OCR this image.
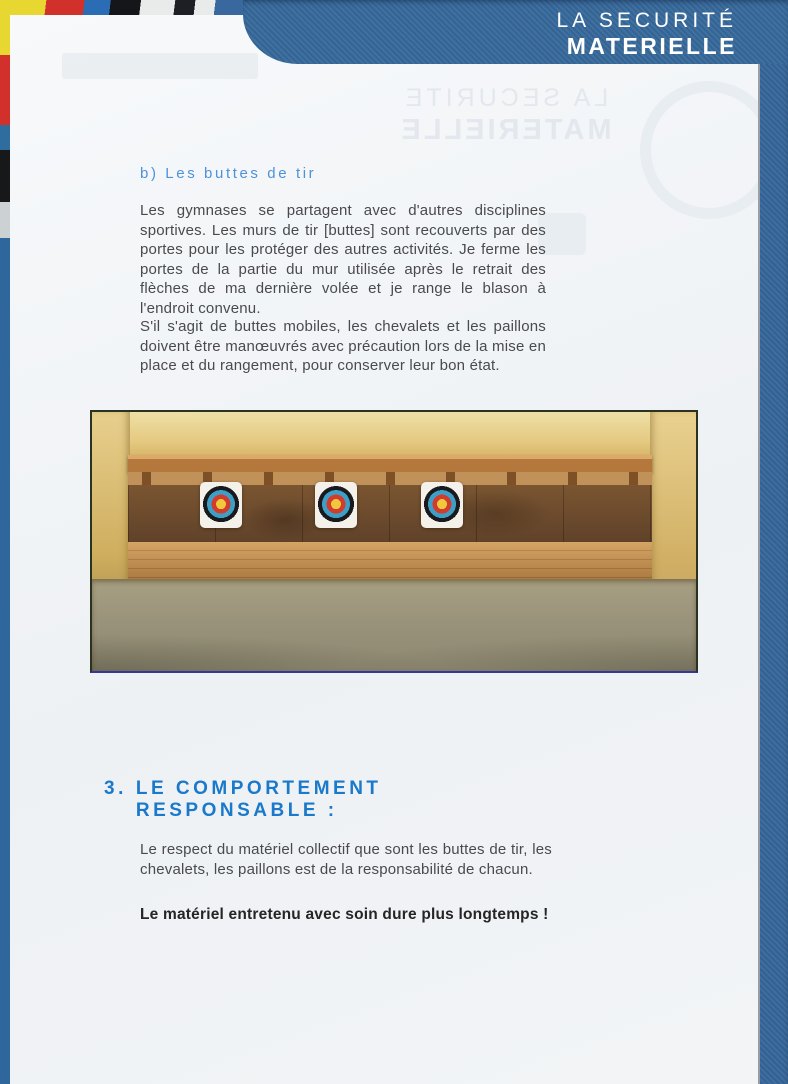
LA SECURITE
MATERIELLE
b) Les buttes de tir
Les gymnases se partagent avec d'autres disciplines sportives. Les murs de tir [buttes] sont recouverts par des portes pour les protéger des autres activités. Je ferme les portes de la partie du mur utilisée après le retrait des flèches de ma dernière volée et je range le blason à l'endroit convenu.
S'il s'agit de buttes mobiles, les chevalets et les paillons doivent être manœuvrés avec précaution lors de la mise en place et du rangement, pour conserver leur bon état.
3. LE COMPORTEMENT
RESPONSABLE :
Le respect du matériel collectif que sont les buttes de tir, les chevalets, les paillons est de la responsabilité de chacun.
Le matériel entretenu avec soin dure plus longtemps !
LA SECURITÉ
MATERIELLE
